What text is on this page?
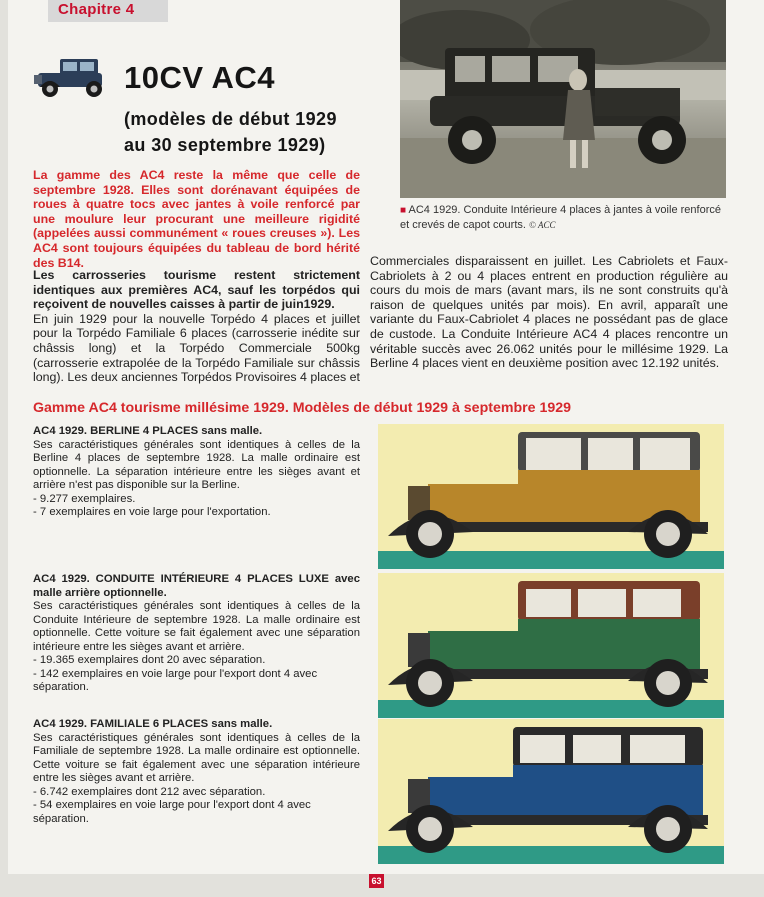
Chapitre 4
10CV AC4
(modèles de début 1929
au 30 septembre 1929)
■ AC4 1929. Conduite Intérieure 4 places à jantes à voile renforcé et crevés de capot courts. © ACC
La gamme des AC4 reste la même que celle de septembre 1928. Elles sont dorénavant équipées de roues à quatre tocs avec jantes à voile renforcé par une moulure leur procurant une meilleure rigidité (appelées aussi communément « roues creuses »). Les AC4 sont toujours équipées du tableau de bord hérité des B14.
Les carrosseries tourisme restent strictement identiques aux premières AC4, sauf les torpédos qui reçoivent de nouvelles caisses à partir de juin1929.
En juin 1929 pour la nouvelle Torpédo 4 places et juillet pour la Torpédo Familiale 6 places (carrosserie inédite sur châssis long) et la Torpédo Commerciale 500kg (carrosserie extrapolée de la Torpédo Familiale sur châssis long). Les deux anciennes Torpédos Provisoires 4 places et
Commerciales disparaissent en juillet. Les Cabriolets et Faux-Cabriolets à 2 ou 4 places entrent en production régulière au cours du mois de mars (avant mars, ils ne sont construits qu'à raison de quelques unités par mois). En avril, apparaît une variante du Faux-Cabriolet 4 places ne possédant pas de glace de custode. La Conduite Intérieure AC4 4 places rencontre un véritable succès avec 26.062 unités pour le millésime 1929. La Berline 4 places vient en deuxième position avec 12.192 unités.
Gamme AC4 tourisme millésime 1929. Modèles de début 1929 à septembre 1929

AC4 1929. BERLINE 4 PLACES sans malle.

Ses caractéristiques générales sont identiques à celles de la Berline 4 places de septembre 1928. La malle ordinaire est optionnelle. La séparation intérieure entre les sièges avant et arrière n'est pas disponible sur la Berline.

- 9.277 exemplaires.

- 7 exemplaires en voie large pour l'exportation.

AC4 1929. CONDUITE INTÉRIEURE 4 PLACES LUXE avec malle arrière optionnelle.

Ses caractéristiques générales sont identiques à celles de la Conduite Intérieure de septembre 1928. La malle ordinaire est optionnelle. Cette voiture se fait également avec une séparation intérieure entre les sièges avant et arrière.

- 19.365 exemplaires dont 20 avec séparation.

- 142 exemplaires en voie large pour l'export dont 4 avec séparation.

AC4 1929. FAMILIALE 6 PLACES sans malle.

Ses caractéristiques générales sont identiques à celles de la Familiale de septembre 1928. La malle ordinaire est optionnelle. Cette voiture se fait également avec une séparation intérieure entre les sièges avant et arrière.

- 6.742 exemplaires dont 212 avec séparation.

- 54 exemplaires en voie large pour l'export dont 4 avec séparation.

63
